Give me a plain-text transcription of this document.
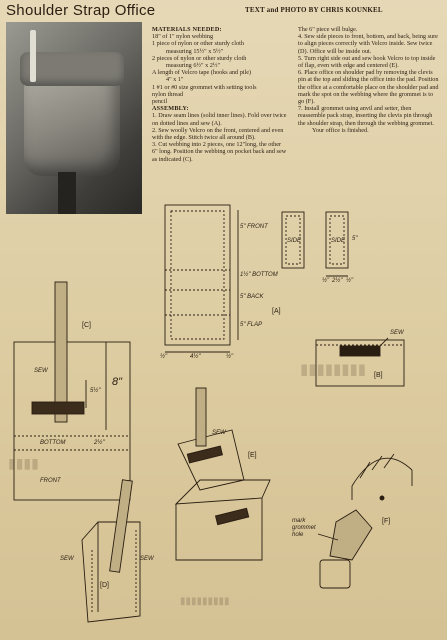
Shoulder Strap Office	TEXT and PHOTO BY CHRIS KOUNKEL

MATERIALS NEEDED:

18" of 1" nylon webbing

1 piece of nylon or other sturdy cloth

measuring 15½" x 5½"

2 pieces of nylon or other sturdy cloth

measuring 6½" x 2½"

A length of Velcro tape (hooks and pile)

4" x 1"

1 #1 or #0 size grommet with setting tools

nylon thread

pencil

ASSEMBLY:

1. Draw seam lines (solid inner lines). Fold over twice on dotted lines and sew (A).

2. Sew woolly Velcro on the front, centered and even with the edge. Stitch twice all around (B).

3. Cut webbing into 2 pieces, one 12"long, the other 6" long. Position the webbing on pocket back and sew as indicated (C).

The 6" piece will bulge.

4. Sew side pieces to front, bottom, and back, being sure to align pieces correctly with Velcro inside. Sew twice (D). Office will be inside out.

5. Turn right side out and sew hook Velcro to top inside of flap, even with edge and centered (E).

6. Place office on shoulder pad by removing the clevis pin at the top and sliding the office into the pad. Position the office at a comfortable place on the shoulder pad and mark the spot on the webbing where the grommet is to go (F).

7. Install grommet using anvil and setter, then reassemble pack strap, inserting the clevis pin through the shoulder strap, then through the webbing grommet.

Your office is finished.

▮▮▮▮▮▮▮▮
▮▮▮▮
▮▮▮▮▮▮▮▮▮
[A]
[B]
[C]
[D]
[E]
[F]
5" FRONT
1½" BOTTOM
5" BACK
5" FLAP
½"	4½"	½"
SIDE	SIDE 5"
½" 2½" ½"
SEW
SEW
5½"
8"
2½"
BOTTOM
FRONT
SEW	SEW
SEW
mark grommet hole
